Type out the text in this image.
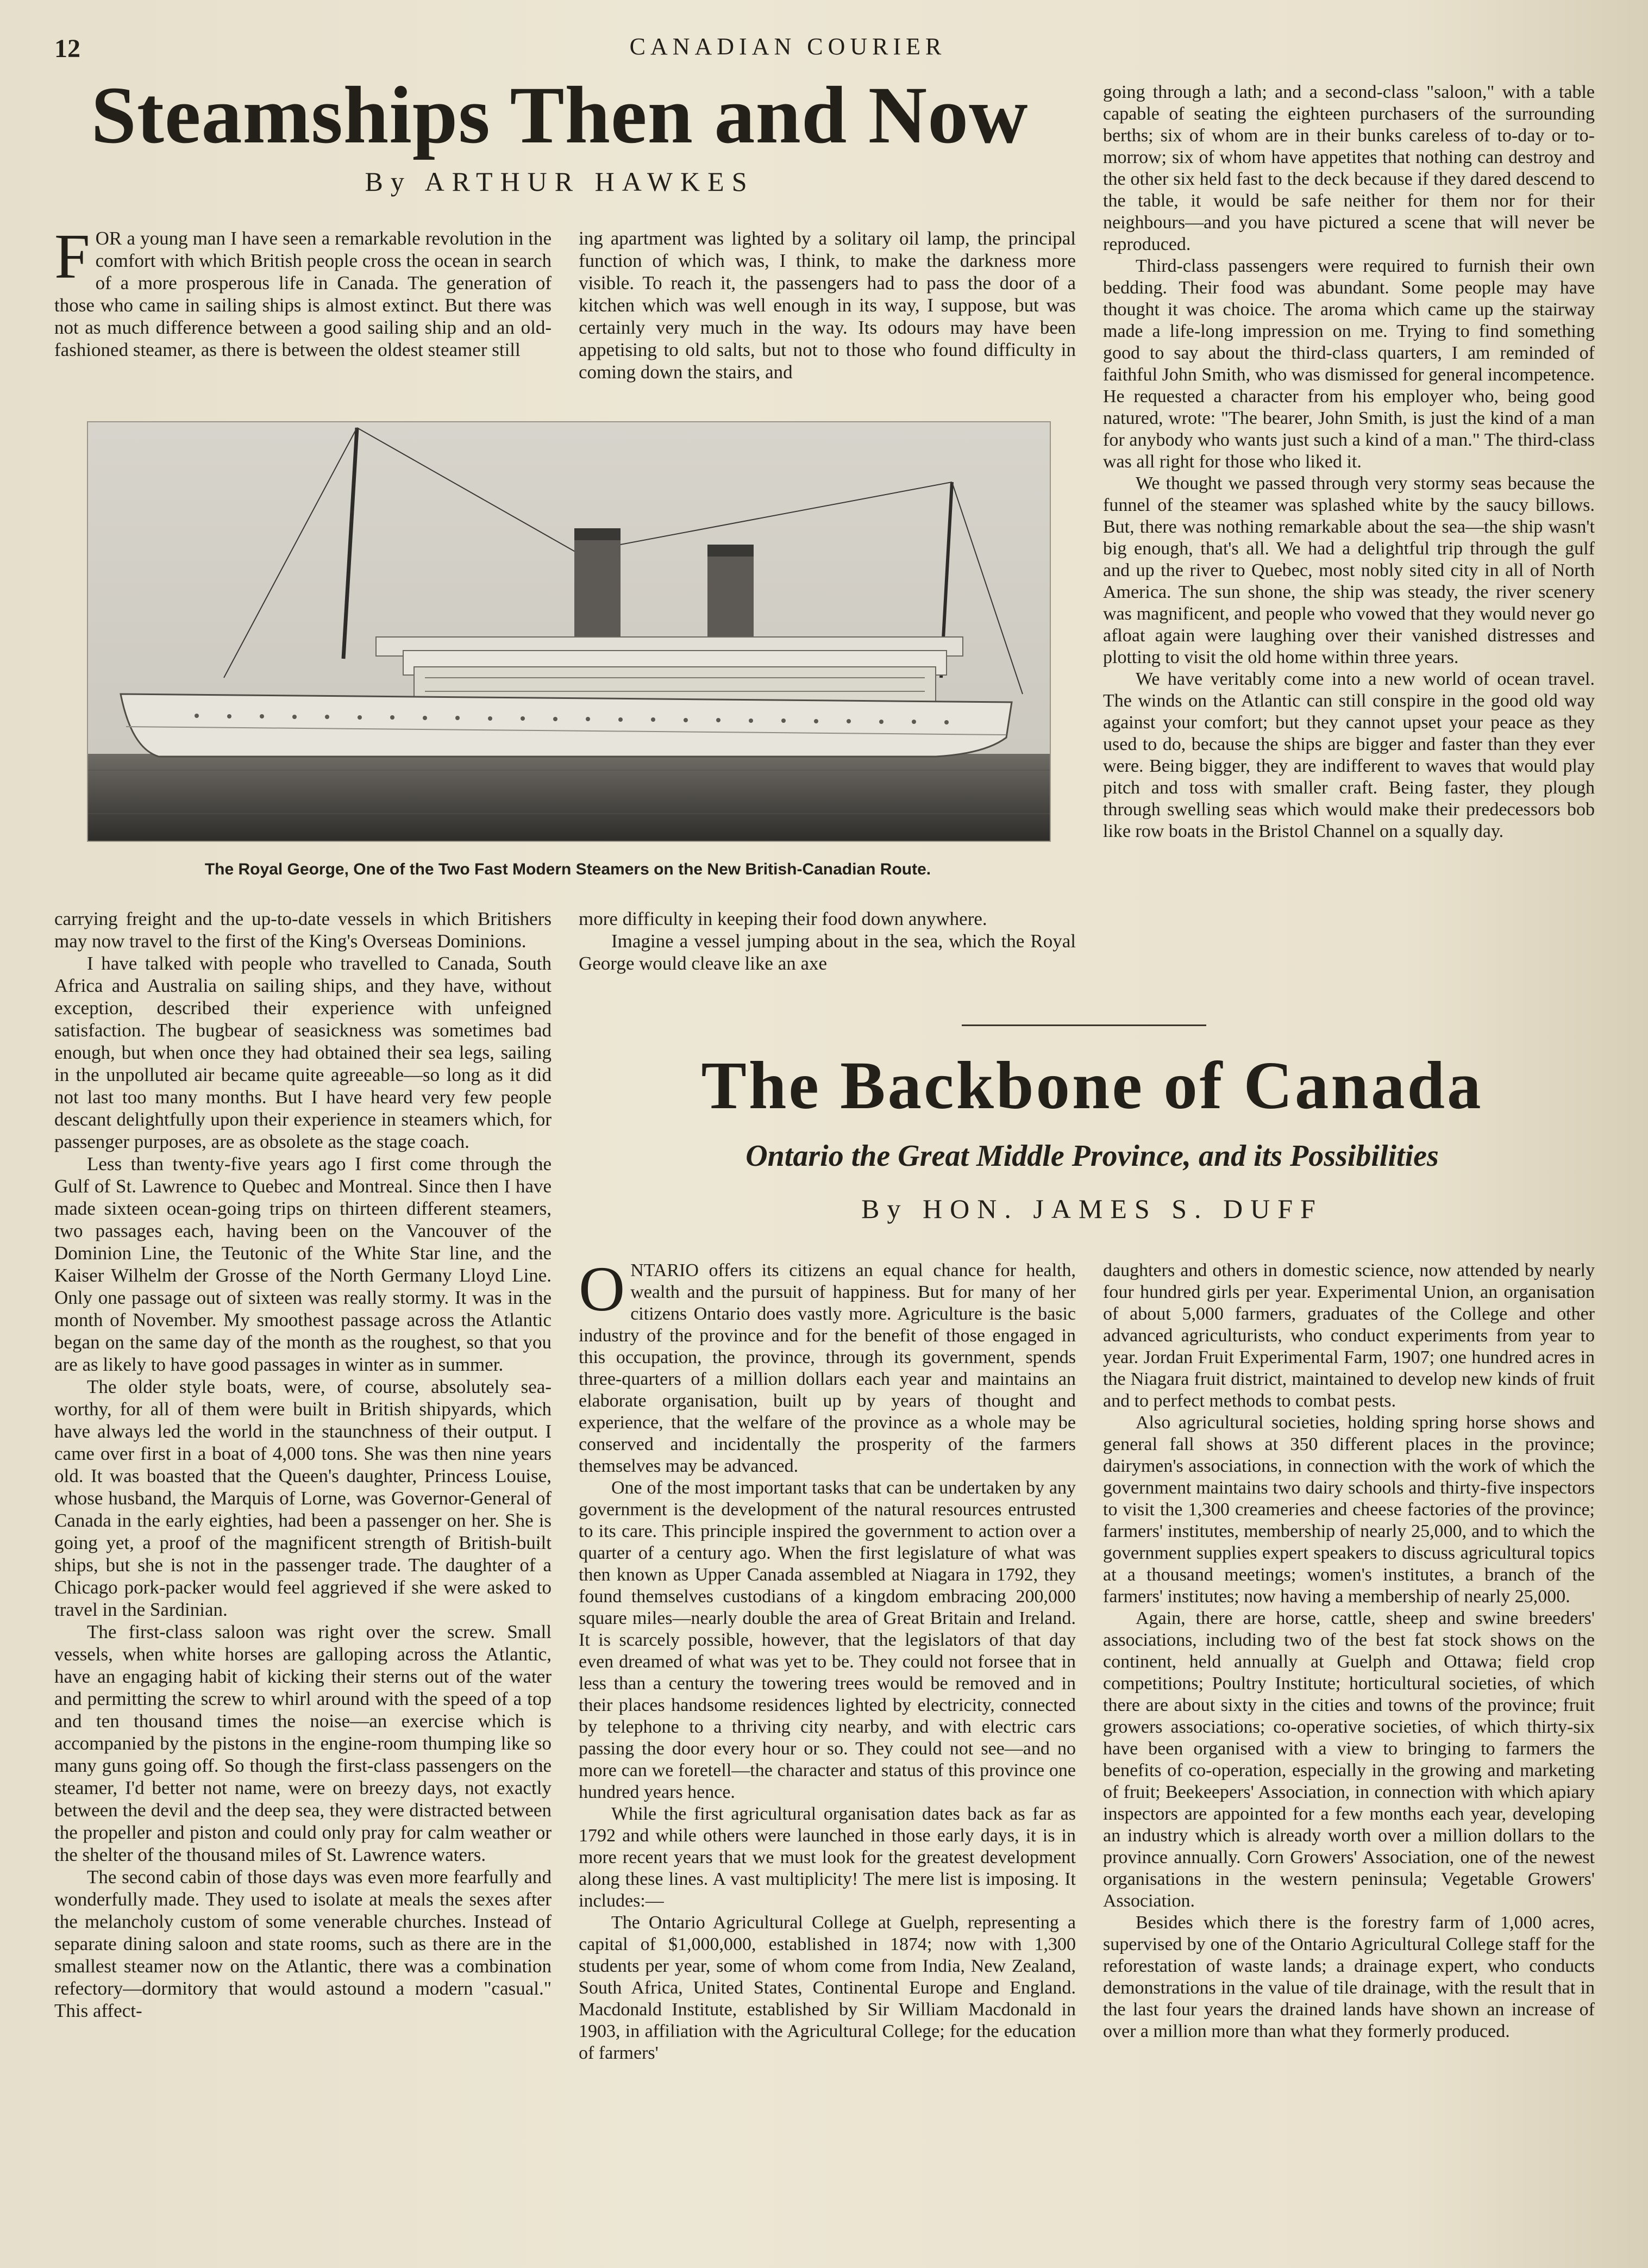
12	CANADIAN COURIER
Steamships Then and Now
By ARTHUR HAWKES
F OR a young man I have seen a remarkable revolution in the comfort with which British people cross the ocean in search of a more prosperous life in Canada. The generation of those who came in sailing ships is almost extinct. But there was not as much difference between a good sailing ship and an old-fashioned steamer, as there is between the oldest steamer still

ing apartment was lighted by a solitary oil lamp, the principal function of which was, I think, to make the darkness more visible. To reach it, the passengers had to pass the door of a kitchen which was well enough in its way, I suppose, but was certainly very much in the way. Its odours may have been appetising to old salts, but not to those who found difficulty in coming down the stairs, and

The Royal George, One of the Two Fast Modern Steamers on the New British-Canadian Route.

carrying freight and the up-to-date vessels in which Britishers may now travel to the first of the King's Overseas Dominions.

I have talked with people who travelled to Canada, South Africa and Australia on sailing ships, and they have, without exception, described their experience with unfeigned satisfaction. The bugbear of seasickness was sometimes bad enough, but when once they had obtained their sea legs, sailing in the unpolluted air became quite agreeable—so long as it did not last too many months. But I have heard very few people descant delightfully upon their experience in steamers which, for passenger purposes, are as obsolete as the stage coach.

Less than twenty-five years ago I first come through the Gulf of St. Lawrence to Quebec and Montreal. Since then I have made sixteen ocean-going trips on thirteen different steamers, two passages each, having been on the Vancouver of the Dominion Line, the Teutonic of the White Star line, and the Kaiser Wilhelm der Grosse of the North Germany Lloyd Line. Only one passage out of sixteen was really stormy. It was in the month of November. My smoothest passage across the Atlantic began on the same day of the month as the roughest, so that you are as likely to have good passages in winter as in summer.

The older style boats, were, of course, absolutely sea-worthy, for all of them were built in British shipyards, which have always led the world in the staunchness of their output. I came over first in a boat of 4,000 tons. She was then nine years old. It was boasted that the Queen's daughter, Princess Louise, whose husband, the Marquis of Lorne, was Governor-General of Canada in the early eighties, had been a passenger on her. She is going yet, a proof of the magnificent strength of British-built ships, but she is not in the passenger trade. The daughter of a Chicago pork-packer would feel aggrieved if she were asked to travel in the Sardinian.

The first-class saloon was right over the screw. Small vessels, when white horses are galloping across the Atlantic, have an engaging habit of kicking their sterns out of the water and permitting the screw to whirl around with the speed of a top and ten thousand times the noise—an exercise which is accompanied by the pistons in the engine-room thumping like so many guns going off. So though the first-class passengers on the steamer, I'd better not name, were on breezy days, not exactly between the devil and the deep sea, they were distracted between the propeller and piston and could only pray for calm weather or the shelter of the thousand miles of St. Lawrence waters.

The second cabin of those days was even more fearfully and wonderfully made. They used to isolate at meals the sexes after the melancholy custom of some venerable churches. Instead of separate dining saloon and state rooms, such as there are in the smallest steamer now on the Atlantic, there was a combination refectory—dormitory that would astound a modern "casual." This affect-

more difficulty in keeping their food down anywhere.

Imagine a vessel jumping about in the sea, which the Royal George would cleave like an axe

going through a lath; and a second-class "saloon," with a table capable of seating the eighteen purchasers of the surrounding berths; six of whom are in their bunks careless of to-day or to-morrow; six of whom have appetites that nothing can destroy and the other six held fast to the deck because if they dared descend to the table, it would be safe neither for them nor for their neighbours—and you have pictured a scene that will never be reproduced.

Third-class passengers were required to furnish their own bedding. Their food was abundant. Some people may have thought it was choice. The aroma which came up the stairway made a life-long impression on me. Trying to find something good to say about the third-class quarters, I am reminded of faithful John Smith, who was dismissed for general incompetence. He requested a character from his employer who, being good natured, wrote: "The bearer, John Smith, is just the kind of a man for anybody who wants just such a kind of a man." The third-class was all right for those who liked it.

We thought we passed through very stormy seas because the funnel of the steamer was splashed white by the saucy billows. But, there was nothing remarkable about the sea—the ship wasn't big enough, that's all. We had a delightful trip through the gulf and up the river to Quebec, most nobly sited city in all of North America. The sun shone, the ship was steady, the river scenery was magnificent, and people who vowed that they would never go afloat again were laughing over their vanished distresses and plotting to visit the old home within three years.

We have veritably come into a new world of ocean travel. The winds on the Atlantic can still conspire in the good old way against your comfort; but they cannot upset your peace as they used to do, because the ships are bigger and faster than they ever were. Being bigger, they are indifferent to waves that would play pitch and toss with smaller craft. Being faster, they plough through swelling seas which would make their predecessors bob like row boats in the Bristol Channel on a squally day.

The Backbone of Canada
Ontario the Great Middle Province, and its Possibilities
By HON. JAMES S. DUFF
O NTARIO offers its citizens an equal chance for health, wealth and the pursuit of happiness. But for many of her citizens Ontario does vastly more. Agriculture is the basic industry of the province and for the benefit of those engaged in this occupation, the province, through its government, spends three-quarters of a million dollars each year and maintains an elaborate organisation, built up by years of thought and experience, that the welfare of the province as a whole may be conserved and incidentally the prosperity of the farmers themselves may be advanced.

One of the most important tasks that can be undertaken by any government is the development of the natural resources entrusted to its care. This principle inspired the government to action over a quarter of a century ago. When the first legislature of what was then known as Upper Canada assembled at Niagara in 1792, they found themselves custodians of a kingdom embracing 200,000 square miles—nearly double the area of Great Britain and Ireland. It is scarcely possible, however, that the legislators of that day even dreamed of what was yet to be. They could not forsee that in less than a century the towering trees would be removed and in their places handsome residences lighted by electricity, connected by telephone to a thriving city nearby, and with electric cars passing the door every hour or so. They could not see—and no more can we foretell—the character and status of this province one hundred years hence.

While the first agricultural organisation dates back as far as 1792 and while others were launched in those early days, it is in more recent years that we must look for the greatest development along these lines. A vast multiplicity! The mere list is imposing. It includes:—

The Ontario Agricultural College at Guelph, representing a capital of $1,000,000, established in 1874; now with 1,300 students per year, some of whom come from India, New Zealand, South Africa, United States, Continental Europe and England. Macdonald Institute, established by Sir William Macdonald in 1903, in affiliation with the Agricultural College; for the education of farmers'

daughters and others in domestic science, now attended by nearly four hundred girls per year. Experimental Union, an organisation of about 5,000 farmers, graduates of the College and other advanced agriculturists, who conduct experiments from year to year. Jordan Fruit Experimental Farm, 1907; one hundred acres in the Niagara fruit district, maintained to develop new kinds of fruit and to perfect methods to combat pests.

Also agricultural societies, holding spring horse shows and general fall shows at 350 different places in the province; dairymen's associations, in connection with the work of which the government maintains two dairy schools and thirty-five inspectors to visit the 1,300 creameries and cheese factories of the province; farmers' institutes, membership of nearly 25,000, and to which the government supplies expert speakers to discuss agricultural topics at a thousand meetings; women's institutes, a branch of the farmers' institutes; now having a membership of nearly 25,000.

Again, there are horse, cattle, sheep and swine breeders' associations, including two of the best fat stock shows on the continent, held annually at Guelph and Ottawa; field crop competitions; Poultry Institute; horticultural societies, of which there are about sixty in the cities and towns of the province; fruit growers associations; co-operative societies, of which thirty-six have been organised with a view to bringing to farmers the benefits of co-operation, especially in the growing and marketing of fruit; Beekeepers' Association, in connection with which apiary inspectors are appointed for a few months each year, developing an industry which is already worth over a million dollars to the province annually. Corn Growers' Association, one of the newest organisations in the western peninsula; Vegetable Growers' Association.

Besides which there is the forestry farm of 1,000 acres, supervised by one of the Ontario Agricultural College staff for the reforestation of waste lands; a drainage expert, who conducts demonstrations in the value of tile drainage, with the result that in the last four years the drained lands have shown an increase of over a million more than what they formerly produced.
